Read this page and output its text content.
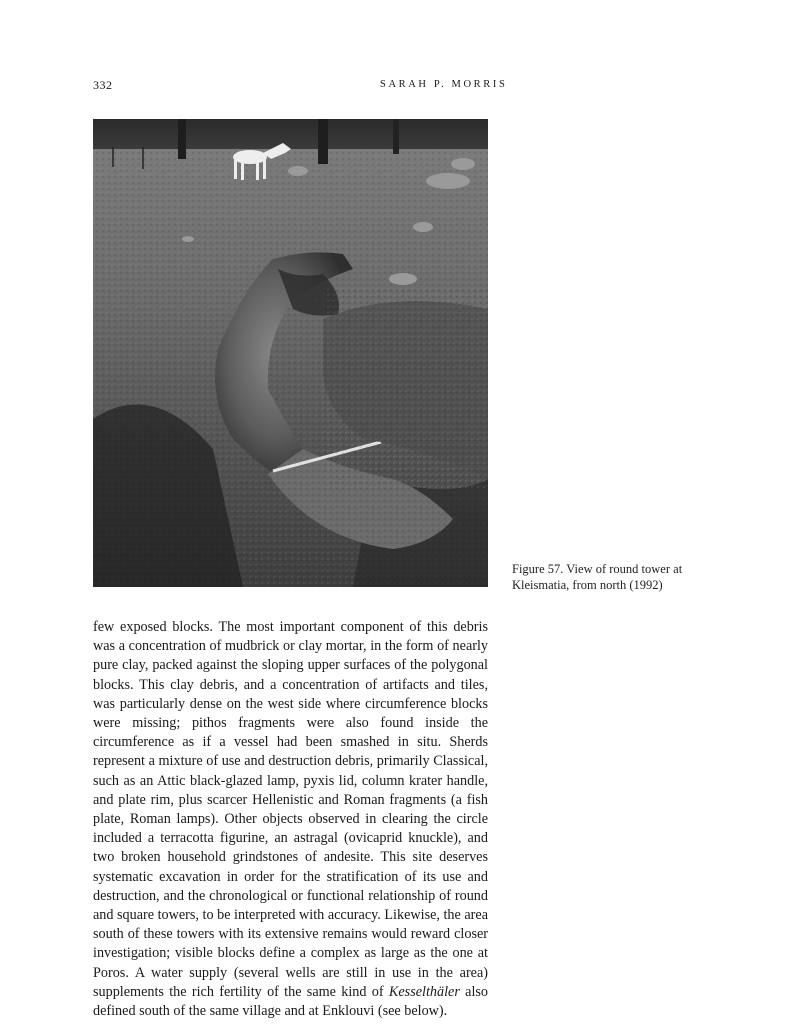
332	SARAH P. MORRIS
Figure 57. View of round tower at Kleismatia, from north (1992)

few exposed blocks. The most important component of this debris was a concentration of mudbrick or clay mortar, in the form of nearly pure clay, packed against the sloping upper surfaces of the polygonal blocks. This clay debris, and a concentration of artifacts and tiles, was particularly dense on the west side where circumference blocks were missing; pithos fragments were also found inside the circumference as if a vessel had been smashed in situ. Sherds represent a mixture of use and destruction debris, primarily Classical, such as an Attic black-glazed lamp, pyxis lid, column krater handle, and plate rim, plus scarcer Hellenistic and Roman fragments (a fish plate, Roman lamps). Other objects observed in clearing the circle included a terracotta figurine, an astragal (ovicaprid knuckle), and two broken household grindstones of andesite. This site deserves systematic excavation in order for the stratification of its use and destruction, and the chronological or functional relationship of round and square towers, to be interpreted with accuracy. Likewise, the area south of these towers with its extensive remains would reward closer investigation; visible blocks define a complex as large as the one at Poros. A water supply (several wells are still in use in the area) supplements the rich fertility of the same kind of Kesselthäler also defined south of the same village and at Enklouvi (see below).
